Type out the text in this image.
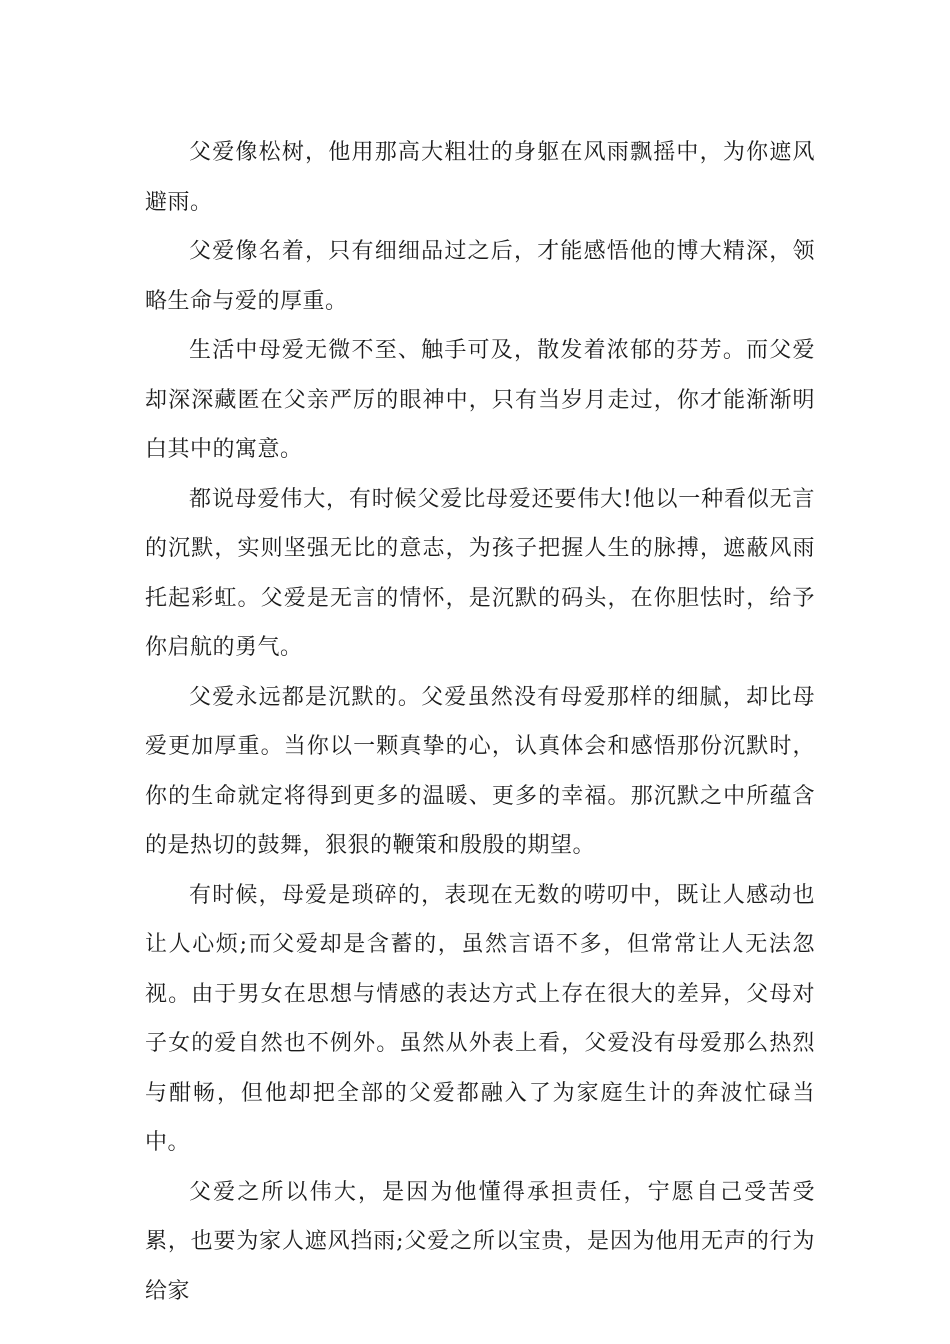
父爱像松树，他用那高大粗壮的身躯在风雨飘摇中，为你遮风避雨。

父爱像名着，只有细细品过之后，才能感悟他的博大精深，领略生命与爱的厚重。

生活中母爱无微不至、触手可及，散发着浓郁的芬芳。而父爱却深深藏匿在父亲严厉的眼神中，只有当岁月走过，你才能渐渐明白其中的寓意。

都说母爱伟大，有时候父爱比母爱还要伟大!他以一种看似无言的沉默，实则坚强无比的意志，为孩子把握人生的脉搏，遮蔽风雨托起彩虹。父爱是无言的情怀，是沉默的码头，在你胆怯时，给予你启航的勇气。

父爱永远都是沉默的。父爱虽然没有母爱那样的细腻，却比母爱更加厚重。当你以一颗真挚的心，认真体会和感悟那份沉默时，你的生命就定将得到更多的温暖、更多的幸福。那沉默之中所蕴含的是热切的鼓舞，狠狠的鞭策和殷殷的期望。

有时候，母爱是琐碎的，表现在无数的唠叨中，既让人感动也让人心烦;而父爱却是含蓄的，虽然言语不多，但常常让人无法忽视。由于男女在思想与情感的表达方式上存在很大的差异，父母对子女的爱自然也不例外。虽然从外表上看，父爱没有母爱那么热烈与酣畅，但他却把全部的父爱都融入了为家庭生计的奔波忙碌当中。

父爱之所以伟大，是因为他懂得承担责任，宁愿自己受苦受累，也要为家人遮风挡雨;父爱之所以宝贵，是因为他用无声的行为给家
